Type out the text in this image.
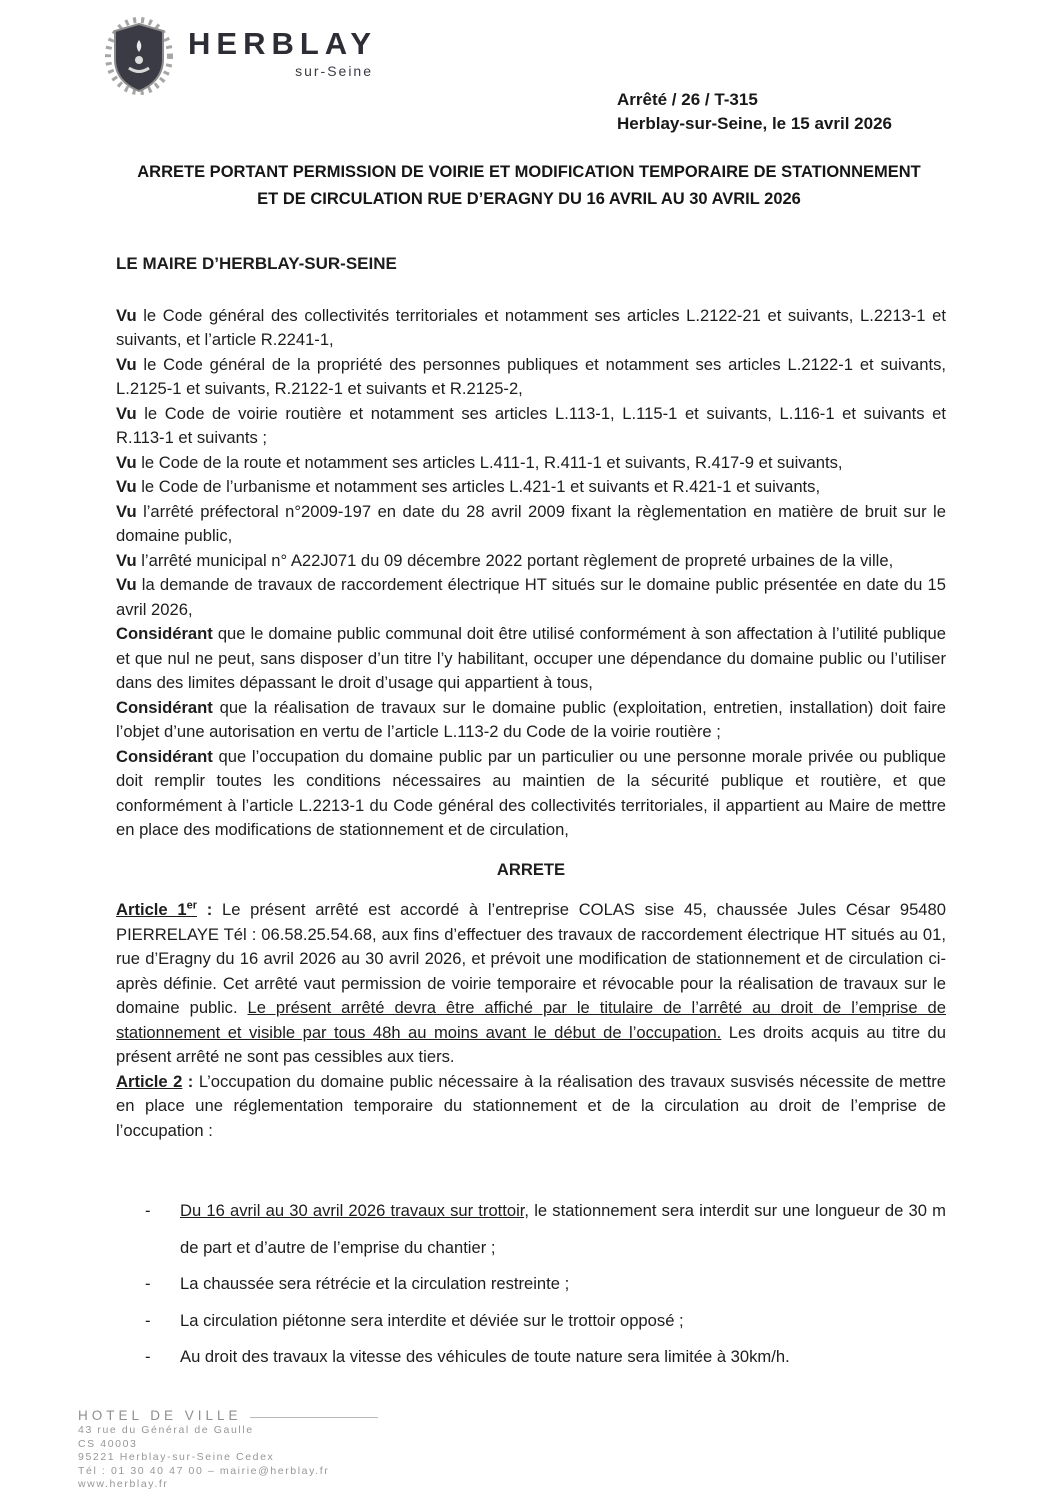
HERBLAY
sur-Seine
Arrêté / 26 / T-315
Herblay-sur-Seine, le 15 avril 2026
ARRETE PORTANT PERMISSION DE VOIRIE ET MODIFICATION TEMPORAIRE DE STATIONNEMENT
ET DE CIRCULATION RUE D’ERAGNY DU 16 AVRIL AU 30 AVRIL 2026

LE MAIRE D’HERBLAY-SUR-SEINE

Vu le Code général des collectivités territoriales et notamment ses articles L.2122-21 et suivants, L.2213-1 et suivants, et l’article R.2241-1,

Vu le Code général de la propriété des personnes publiques et notamment ses articles L.2122-1 et suivants, L.2125-1 et suivants, R.2122-1 et suivants et R.2125-2,

Vu le Code de voirie routière et notamment ses articles L.113-1, L.115-1 et suivants, L.116-1 et suivants et R.113-1 et suivants ;

Vu le Code de la route et notamment ses articles L.411-1, R.411-1 et suivants, R.417-9 et suivants,

Vu le Code de l’urbanisme et notamment ses articles L.421-1 et suivants et R.421-1 et suivants,

Vu l’arrêté préfectoral n°2009-197 en date du 28 avril 2009 fixant la règlementation en matière de bruit sur le domaine public,

Vu l’arrêté municipal n° A22J071 du 09 décembre 2022 portant règlement de propreté urbaines de la ville,

Vu la demande de travaux de raccordement électrique HT situés sur le domaine public présentée en date du 15 avril 2026,

Considérant que le domaine public communal doit être utilisé conformément à son affectation à l’utilité publique et que nul ne peut, sans disposer d’un titre l’y habilitant, occuper une dépendance du domaine public ou l’utiliser dans des limites dépassant le droit d’usage qui appartient à tous,

Considérant que la réalisation de travaux sur le domaine public (exploitation, entretien, installation) doit faire l’objet d’une autorisation en vertu de l’article L.113-2 du Code de la voirie routière ;

Considérant que l’occupation du domaine public par un particulier ou une personne morale privée ou publique doit remplir toutes les conditions nécessaires au maintien de la sécurité publique et routière, et que conformément à l’article L.2213-1 du Code général des collectivités territoriales, il appartient au Maire de mettre en place des modifications de stationnement et de circulation,

ARRETE

Article 1er : Le présent arrêté est accordé à l’entreprise COLAS sise 45, chaussée Jules César 95480 PIERRELAYE Tél : 06.58.25.54.68, aux fins d’effectuer des travaux de raccordement électrique HT situés au 01, rue d’Eragny du 16 avril 2026 au 30 avril 2026, et prévoit une modification de stationnement et de circulation ci-après définie. Cet arrêté vaut permission de voirie temporaire et révocable pour la réalisation de travaux sur le domaine public. Le présent arrêté devra être affiché par le titulaire de l’arrêté au droit de l’emprise de stationnement et visible par tous 48h au moins avant le début de l’occupation. Les droits acquis au titre du présent arrêté ne sont pas cessibles aux tiers.

Article 2 : L’occupation du domaine public nécessaire à la réalisation des travaux susvisés nécessite de mettre en place une réglementation temporaire du stationnement et de la circulation au droit de l’emprise de l’occupation :

-	Du 16 avril au 30 avril 2026 travaux sur trottoir, le stationnement sera interdit sur une longueur de 30 m de part et d’autre de l’emprise du chantier ;
-	La chaussée sera rétrécie et la circulation restreinte ;
-	La circulation piétonne sera interdite et déviée sur le trottoir opposé ;
-	Au droit des travaux la vitesse des véhicules de toute nature sera limitée à 30km/h.
HOTEL DE VILLE
43 rue du Général de Gaulle
CS 40003
95221 Herblay-sur-Seine Cedex
Tél : 01 30 40 47 00 – mairie@herblay.fr
www.herblay.fr
